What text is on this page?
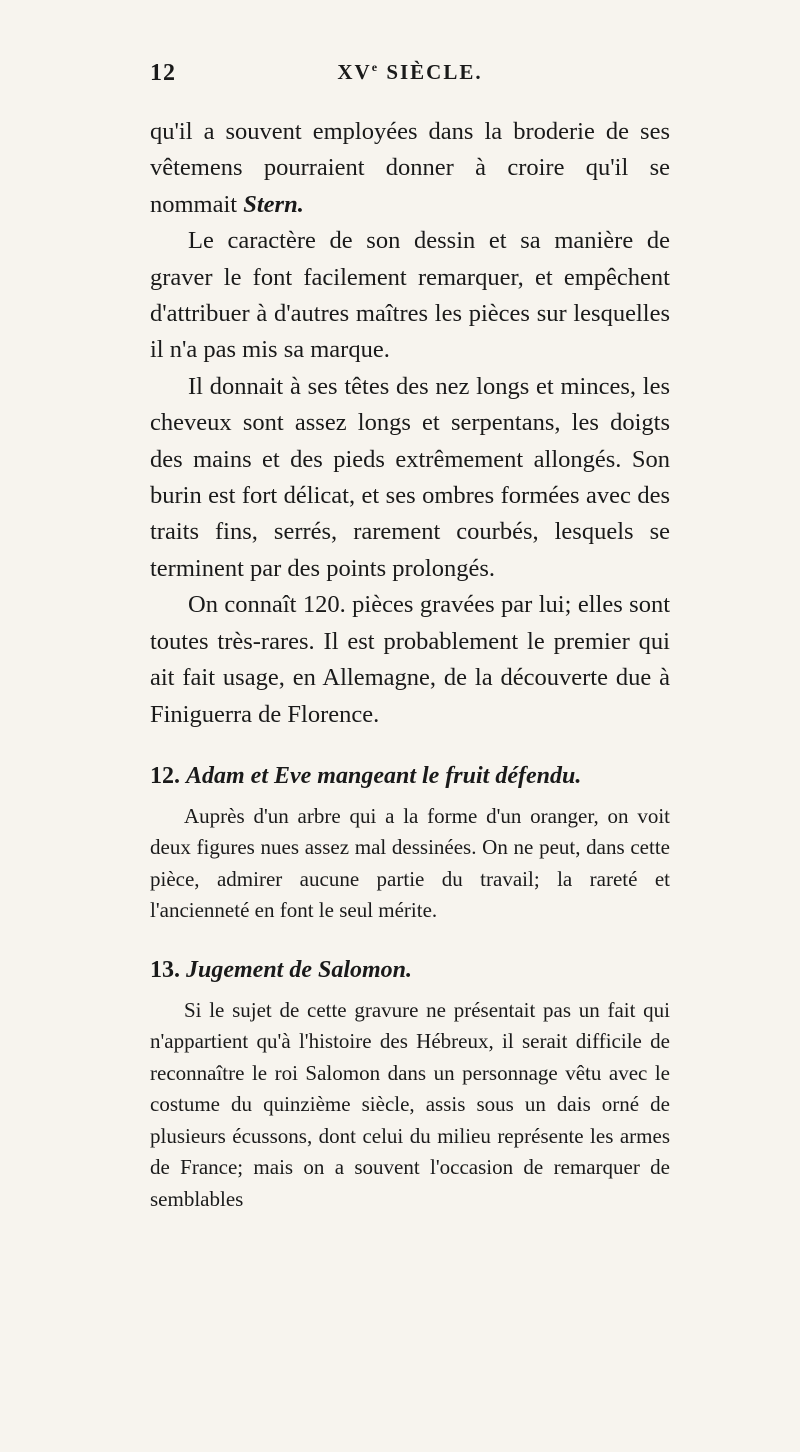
12	XVe SIÈCLE.

qu'il a souvent employées dans la broderie de ses vêtemens pourraient donner à croire qu'il se nommait Stern.

Le caractère de son dessin et sa manière de graver le font facilement remarquer, et empêchent d'attribuer à d'autres maîtres les pièces sur lesquelles il n'a pas mis sa marque.

Il donnait à ses têtes des nez longs et minces, les cheveux sont assez longs et serpentans, les doigts des mains et des pieds extrêmement allongés. Son burin est fort délicat, et ses ombres formées avec des traits fins, serrés, rarement courbés, lesquels se terminent par des points prolongés.

On connaît 120. pièces gravées par lui; elles sont toutes très-rares. Il est probablement le premier qui ait fait usage, en Allemagne, de la découverte due à Finiguerra de Florence.

12. Adam et Eve mangeant le fruit défendu.

Auprès d'un arbre qui a la forme d'un oranger, on voit deux figures nues assez mal dessinées. On ne peut, dans cette pièce, admirer aucune partie du travail; la rareté et l'ancienneté en font le seul mérite.

13. Jugement de Salomon.

Si le sujet de cette gravure ne présentait pas un fait qui n'appartient qu'à l'histoire des Hébreux, il serait difficile de reconnaître le roi Salomon dans un personnage vêtu avec le costume du quinzième siècle, assis sous un dais orné de plusieurs écussons, dont celui du milieu représente les armes de France; mais on a souvent l'occasion de remarquer de semblables
